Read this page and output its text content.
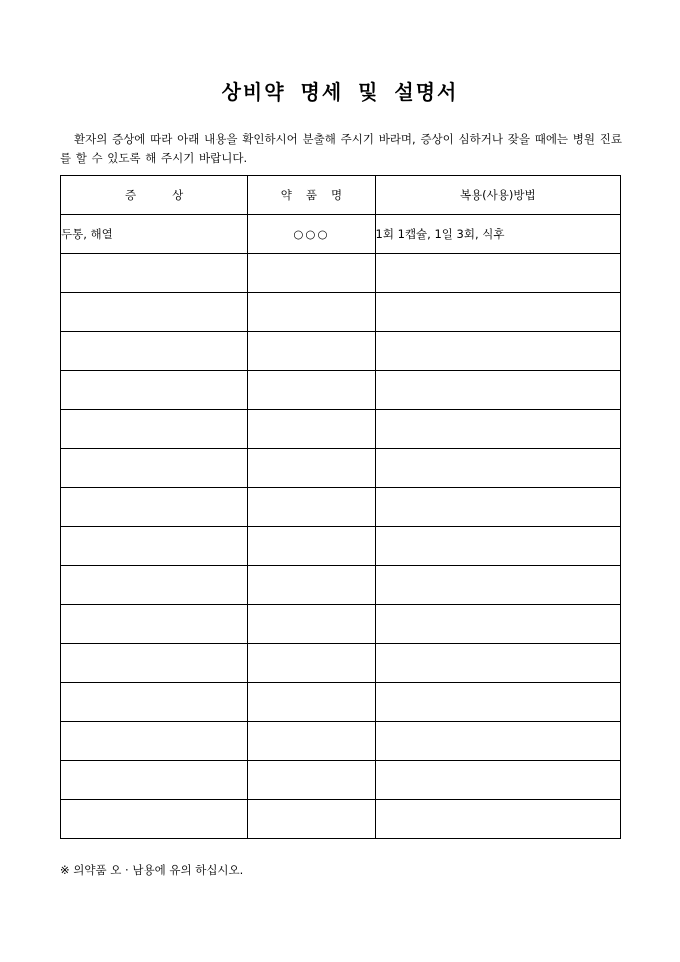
상비약 명세 및 설명서
환자의 증상에 따라 아래 내용을 확인하시어 분출해 주시기 바라며, 증상이 심하거나 잦을 때에는 병원 진료를 할 수 있도록 해 주시기 바랍니다.
증상	약품명	복용(사용)방법
두통, 해열	○○○	1회 1캡슐, 1일 3회, 식후

※ 의약품 오 · 남용에 유의 하십시오.
